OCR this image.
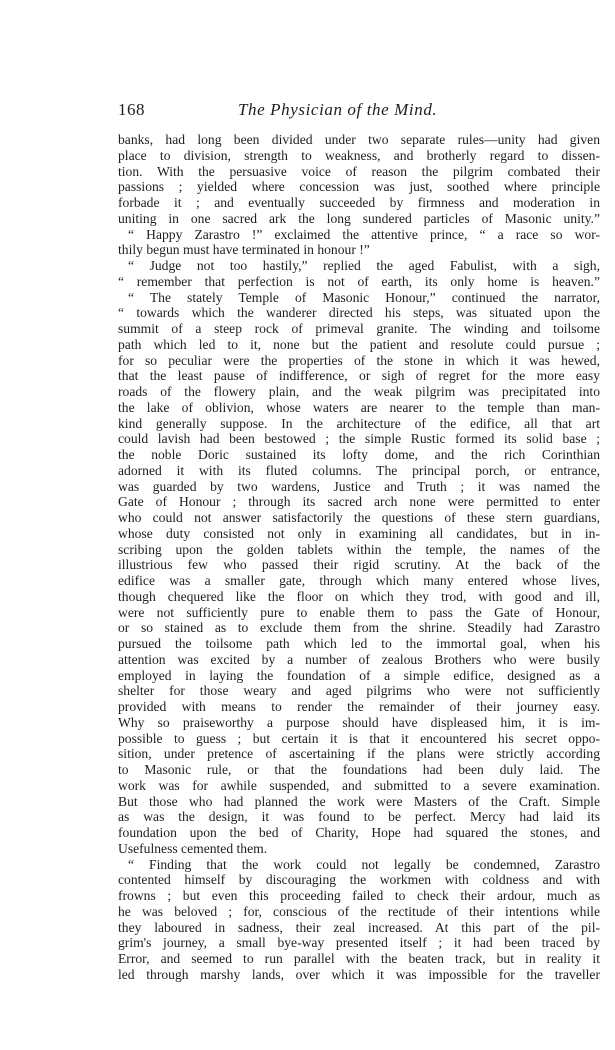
168	The Physician of the Mind.
banks, had long been divided under two separate rules—unity had given
place to division, strength to weakness, and brotherly regard to dissen-
tion. With the persuasive voice of reason the pilgrim combated their
passions ; yielded where concession was just, soothed where principle
forbade it ; and eventually succeeded by firmness and moderation in
uniting in one sacred ark the long sundered particles of Masonic unity.”
“ Happy Zarastro !” exclaimed the attentive prince, “ a race so wor-
thily begun must have terminated in honour !”
“ Judge not too hastily,” replied the aged Fabulist, with a sigh,
“ remember that perfection is not of earth, its only home is heaven.”
“ The stately Temple of Masonic Honour,” continued the narrator,
“ towards which the wanderer directed his steps, was situated upon the
summit of a steep rock of primeval granite. The winding and toilsome
path which led to it, none but the patient and resolute could pursue ;
for so peculiar were the properties of the stone in which it was hewed,
that the least pause of indifference, or sigh of regret for the more easy
roads of the flowery plain, and the weak pilgrim was precipitated into
the lake of oblivion, whose waters are nearer to the temple than man-
kind generally suppose. In the architecture of the edifice, all that art
could lavish had been bestowed ; the simple Rustic formed its solid base ;
the noble Doric sustained its lofty dome, and the rich Corinthian
adorned it with its fluted columns. The principal porch, or entrance,
was guarded by two wardens, Justice and Truth ; it was named the
Gate of Honour ; through its sacred arch none were permitted to enter
who could not answer satisfactorily the questions of these stern guardians,
whose duty consisted not only in examining all candidates, but in in-
scribing upon the golden tablets within the temple, the names of the
illustrious few who passed their rigid scrutiny. At the back of the
edifice was a smaller gate, through which many entered whose lives,
though chequered like the floor on which they trod, with good and ill,
were not sufficiently pure to enable them to pass the Gate of Honour,
or so stained as to exclude them from the shrine. Steadily had Zarastro
pursued the toilsome path which led to the immortal goal, when his
attention was excited by a number of zealous Brothers who were busily
employed in laying the foundation of a simple edifice, designed as a
shelter for those weary and aged pilgrims who were not sufficiently
provided with means to render the remainder of their journey easy.
Why so praiseworthy a purpose should have displeased him, it is im-
possible to guess ; but certain it is that it encountered his secret oppo-
sition, under pretence of ascertaining if the plans were strictly according
to Masonic rule, or that the foundations had been duly laid. The
work was for awhile suspended, and submitted to a severe examination.
But those who had planned the work were Masters of the Craft. Simple
as was the design, it was found to be perfect. Mercy had laid its
foundation upon the bed of Charity, Hope had squared the stones, and
Usefulness cemented them.
“ Finding that the work could not legally be condemned, Zarastro
contented himself by discouraging the workmen with coldness and with
frowns ; but even this proceeding failed to check their ardour, much as
he was beloved ; for, conscious of the rectitude of their intentions while
they laboured in sadness, their zeal increased. At this part of the pil-
grim's journey, a small bye-way presented itself ; it had been traced by
Error, and seemed to run parallel with the beaten track, but in reality it
led through marshy lands, over which it was impossible for the traveller
